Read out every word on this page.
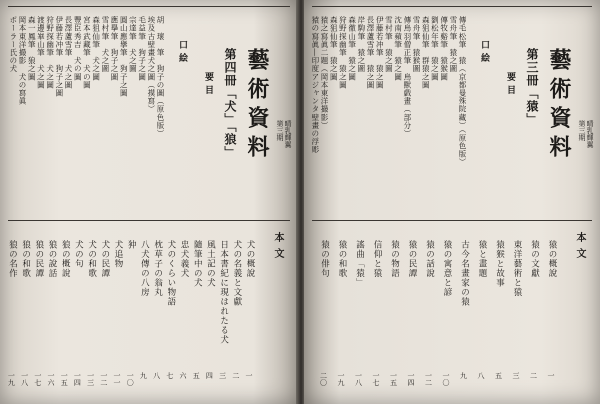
藝術資料 第三期 晴乳輝翼
第四冊「犬」「狼」
口絵
要目
胡　瓌　筆　狗子の圖（原色版）
埃及古壁畫犬之圖（摸寫）
毛益筆　狗子之圖
宗達筆　犬之圖
圓山應擧筆　狗子之圖
應擧筆　狗子之圖
雪村筆　犬之圖
森狙仙筆　犬之圖
宮本武藏筆　犬の圖
豐臣秀吉　犬の圖
長澤蘆雪筆　犬之圖
伊藤若冲筆　狗子之圖
狩野探幽筆　犬之圖
渡邊崋山筆　犬之圖
森一鳳筆　狼之圖
岡本東洋撮影　犬の寫眞
ポーラー氏の犬
本文
犬の概說
一
犬の名義と文獻
二
日本書紀に現はれたる犬
三
風土記の犬
四
隨筆中の犬
五
忠犬義犬
六
犬のくらい物語
七
枕草子の翁丸
八
八犬傳の八房
九
狆
一〇
犬追物
一一
犬の民譚
一二
犬の和歌
一三
犬の句
一四
狼の概說
一五
狼の說話
一六
狼の民譚
一七
狼の和歌
一八
狼の名作
一九
藝術資料 第三期 晴乳輝翼
第三冊「猿」
口絵
要目
傳毛松筆　猿（京都曼殊院藏）（原色版）
雪舟筆　猿之圖
傳牧谿筆　猿猴圖
劉松年筆　猿之圖
森狙仙筆　群猿之圖
雪舟筆　猿猴圖
傳鳥羽僧正筆　鳥獸戯畫（部分）
沈南蘋筆　猿之圖
雪村筆　猿之圖
伊藤若冲筆　猿之圖
長澤蘆雪筆　猿之圖
岸駒筆　猿之圖
森徹山筆　猿之圖
狩野探幽筆　猿之圖
森狙仙筆　猿之圖
猿之寫眞二題（岡本東洋撮影）
猿の寫眞―印度アジャンタ壁畫の浮彫
本文
猿の概說
一
猿の文獻
二
東洋藝術と猿
三
猿猴と故事
五
猿と畫題
八
古今名畫家の猿
九
猿の寓意と諺
一〇
猿の話說
一二
猿の民譚
一四
猿の物語
一五
信仰と猿
一七
謠曲「猿」
一八
猿の和歌
一九
猿の俳句
二〇
